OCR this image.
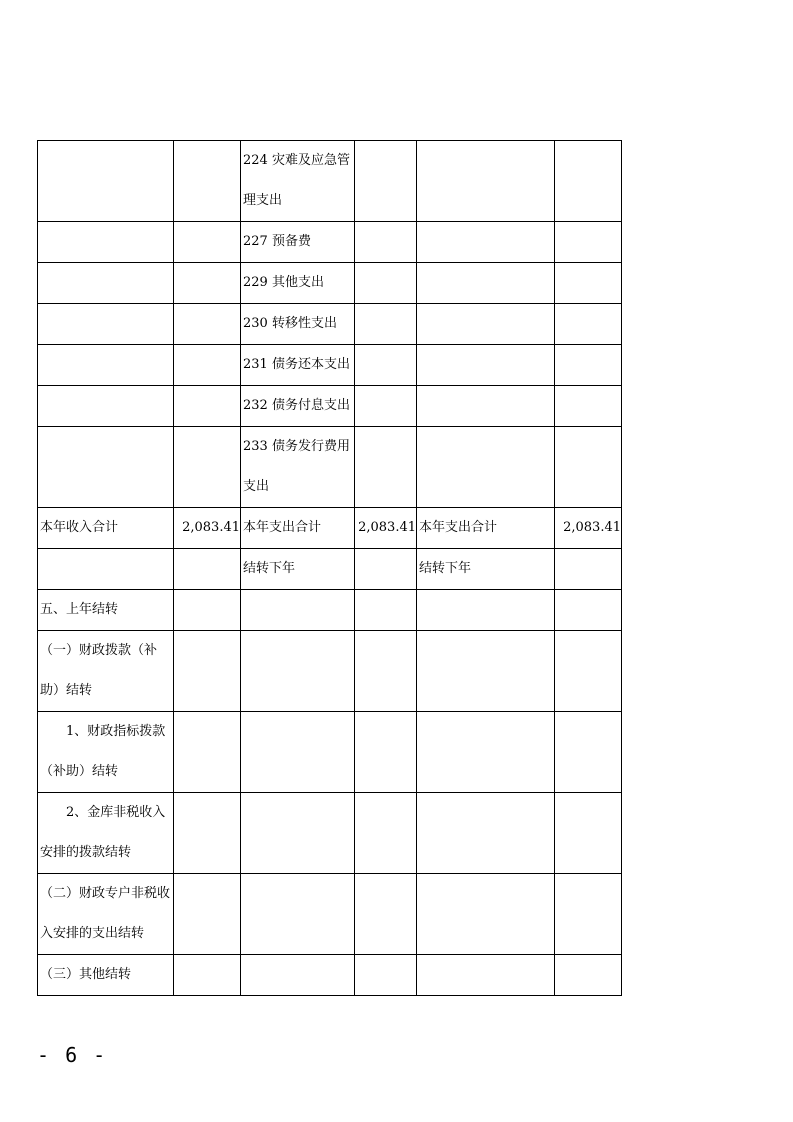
		224 灾难及应急管理支出			
		227 预备费			
		229 其他支出			
		230 转移性支出			
		231 债务还本支出			
		232 债务付息支出			
		233 债务发行费用支出			
本年收入合计	2,083.41	本年支出合计	2,083.41	本年支出合计	2,083.41
		结转下年		结转下年	
五、上年结转					
（一）财政拨款（补助）结转					
1、财政指标拨款（补助）结转					
2、金库非税收入安排的拨款结转					
（二）财政专户非税收入安排的支出结转					
（三）其他结转					
- 6 -
